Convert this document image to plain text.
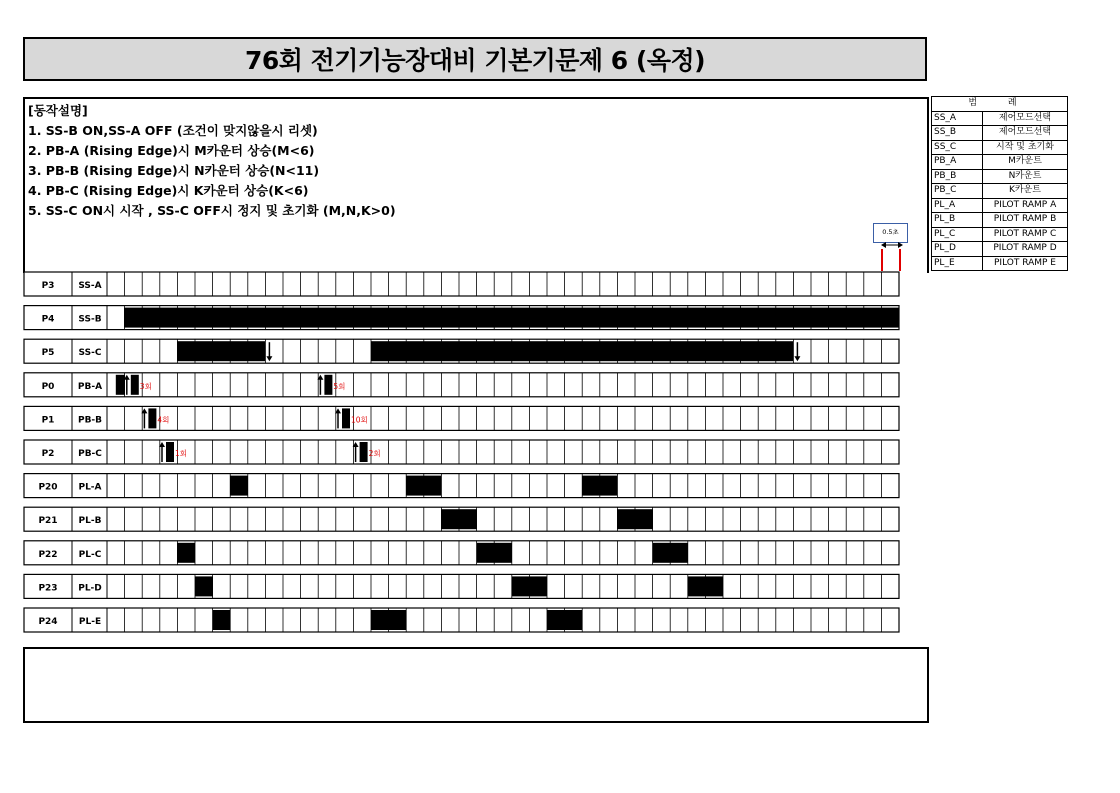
76회 전기기능장대비 기본기문제 6 (옥정)
[동작설명]
1. SS-B ON,SS-A OFF (조건이 맞지않을시 리셋)
2. PB-A (Rising Edge)시 M카운터 상승(M<6)
3. PB-B (Rising Edge)시 N카운터 상승(N<11)
4. PB-C (Rising Edge)시 K카운터 상승(K<6)
5. SS-C ON시 시작 , SS-C OFF시 정지 및 초기화 (M,N,K>0)
범 례	
SS_A	제어모드선택
SS_B	제어모드선택
SS_C	시작 및 초기화
PB_A	M카운트
PB_B	N카운트
PB_C	K카운트
PL_A	PILOT RAMP A
PL_B	PILOT RAMP B
PL_C	PILOT RAMP C
PL_D	PILOT RAMP D
PL_E	PILOT RAMP E
0.5초
P3	SS-A
P4	SS-B
P5	SS-C
P0	PB-A	3회	5회
P1	PB-B	4회	10회
P2	PB-C	1회	2회
P20 PL-A
P21 PL-B
P22 PL-C
P23 PL-D
P24 PL-E
